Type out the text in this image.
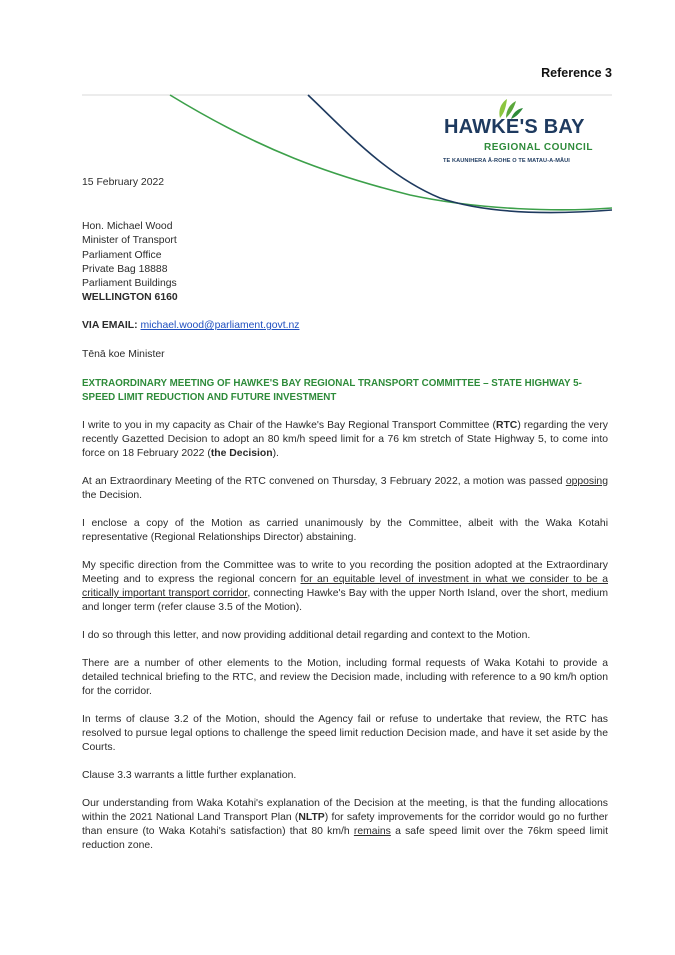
Reference 3
HAWKE'S BAY
REGIONAL COUNCIL
TE KAUNIHERA Ā-ROHE O TE MATAU-A-MĀUI
15 February 2022
Hon. Michael Wood
Minister of Transport
Parliament Office
Private Bag 18888
Parliament Buildings
WELLINGTON 6160
VIA EMAIL: michael.wood@parliament.govt.nz
Tēnā koe Minister
EXTRAORDINARY MEETING OF HAWKE'S BAY REGIONAL TRANSPORT COMMITTEE – STATE HIGHWAY 5-SPEED LIMIT REDUCTION AND FUTURE INVESTMENT
I write to you in my capacity as Chair of the Hawke's Bay Regional Transport Committee (RTC) regarding the very recently Gazetted Decision to adopt an 80 km/h speed limit for a 76 km stretch of State Highway 5, to come into force on 18 February 2022 (the Decision).
At an Extraordinary Meeting of the RTC convened on Thursday, 3 February 2022, a motion was passed opposing the Decision.
I enclose a copy of the Motion as carried unanimously by the Committee, albeit with the Waka Kotahi representative (Regional Relationships Director) abstaining.
My specific direction from the Committee was to write to you recording the position adopted at the Extraordinary Meeting and to express the regional concern for an equitable level of investment in what we consider to be a critically important transport corridor, connecting Hawke's Bay with the upper North Island, over the short, medium and longer term (refer clause 3.5 of the Motion).
I do so through this letter, and now providing additional detail regarding and context to the Motion.
There are a number of other elements to the Motion, including formal requests of Waka Kotahi to provide a detailed technical briefing to the RTC, and review the Decision made, including with reference to a 90 km/h option for the corridor.
In terms of clause 3.2 of the Motion, should the Agency fail or refuse to undertake that review, the RTC has resolved to pursue legal options to challenge the speed limit reduction Decision made, and have it set aside by the Courts.
Clause 3.3 warrants a little further explanation.
Our understanding from Waka Kotahi's explanation of the Decision at the meeting, is that the funding allocations within the 2021 National Land Transport Plan (NLTP) for safety improvements for the corridor would go no further than ensure (to Waka Kotahi's satisfaction) that 80 km/h remains a safe speed limit over the 76km speed limit reduction zone.
